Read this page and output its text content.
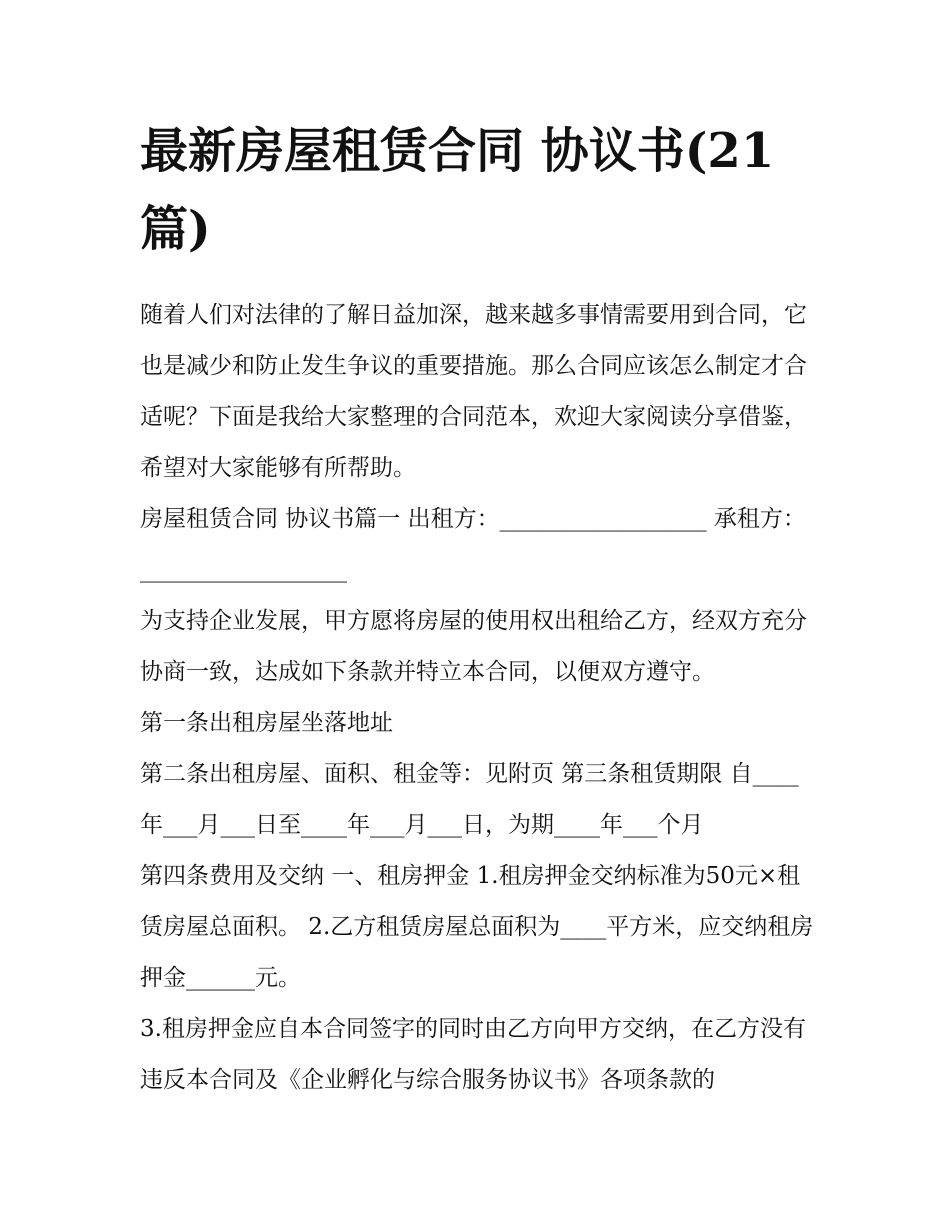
最新房屋租赁合同 协议书(21篇)

随着人们对法律的了解日益加深，越来越多事情需要用到合同，它也是减少和防止发生争议的重要措施。那么合同应该怎么制定才合适呢？下面是我给大家整理的合同范本，欢迎大家阅读分享借鉴，希望对大家能够有所帮助。

房屋租赁合同 协议书篇一 出租方：__________________ 承租方：__________________

为支持企业发展，甲方愿将房屋的使用权出租给乙方，经双方充分协商一致，达成如下条款并特立本合同，以便双方遵守。

第一条出租房屋坐落地址

第二条出租房屋、面积、租金等：见附页 第三条租赁期限 自____年___月___日至____年___月___日，为期____年___个月

第四条费用及交纳 一、租房押金 1.租房押金交纳标准为50元×租赁房屋总面积。 2.乙方租赁房屋总面积为____平方米，应交纳租房押金______元。

3.租房押金应自本合同签字的同时由乙方向甲方交纳，在乙方没有违反本合同及《企业孵化与综合服务协议书》各项条款的
